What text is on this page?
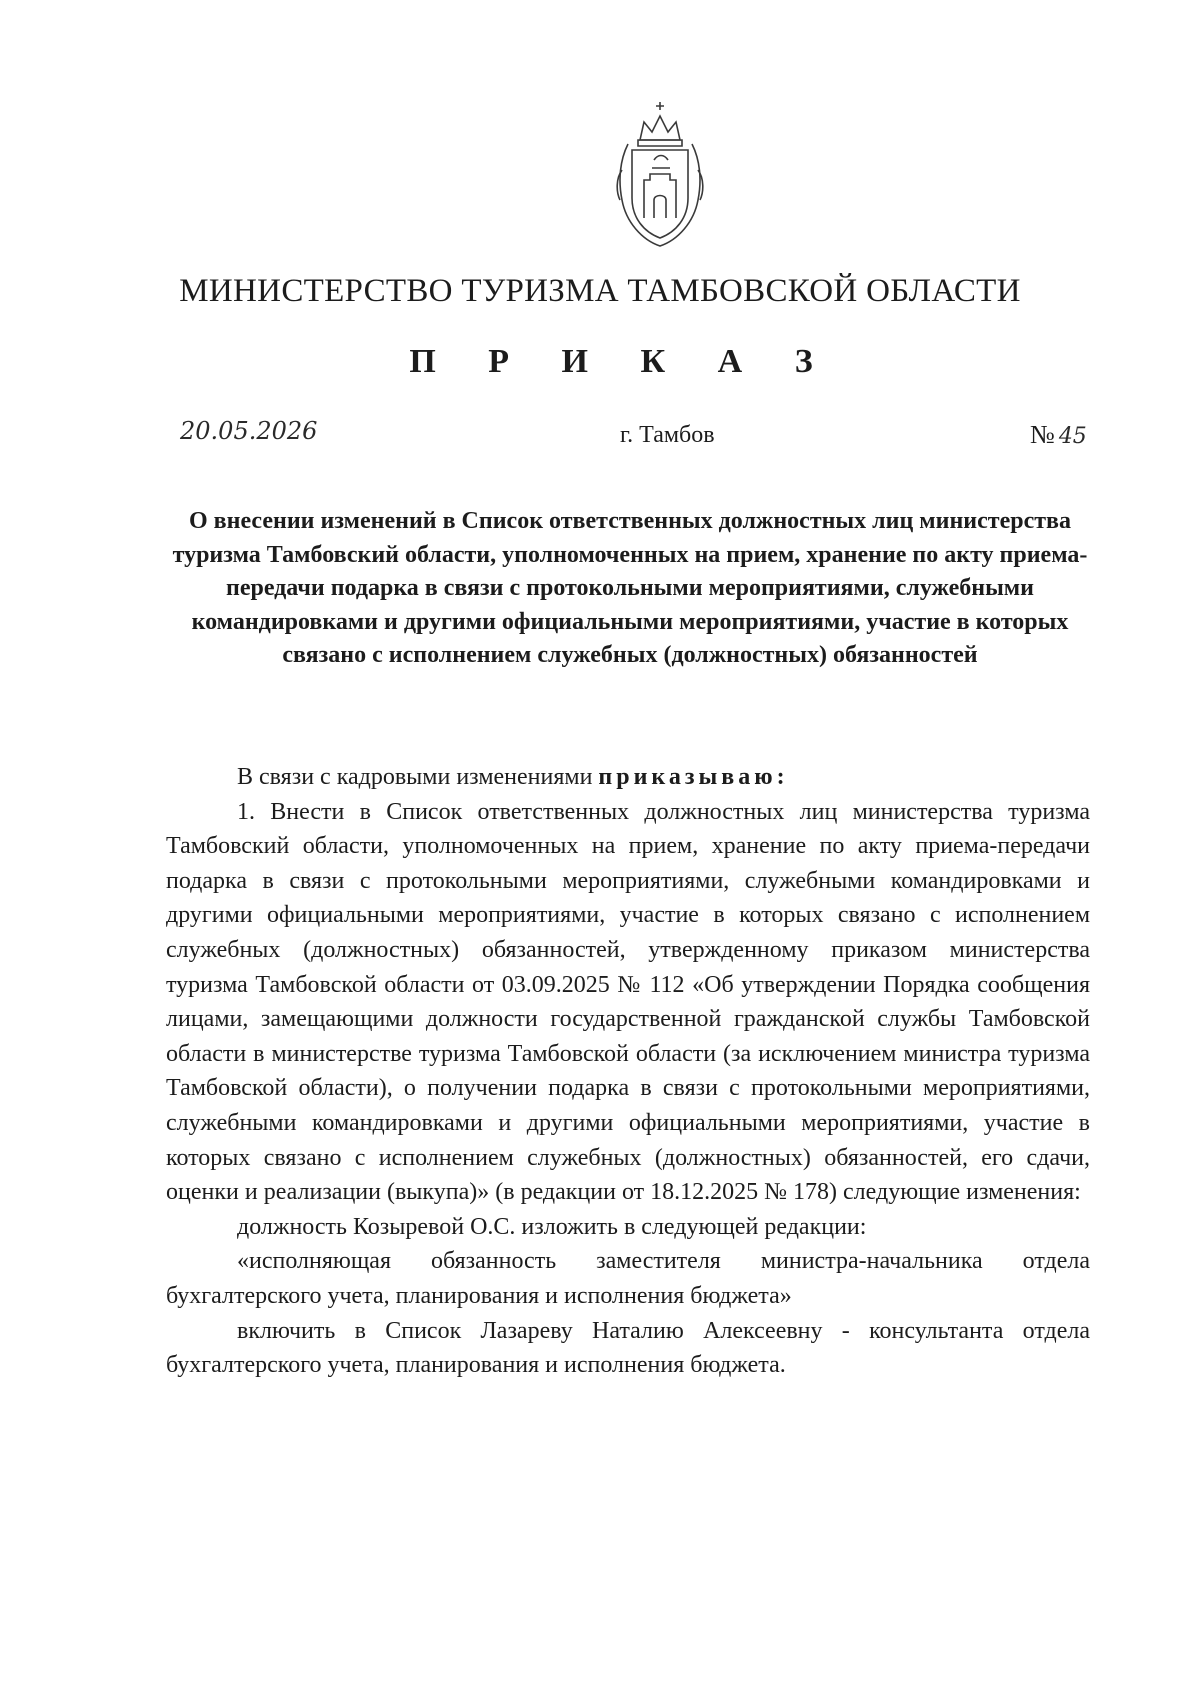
МИНИСТЕРСТВО ТУРИЗМА ТАМБОВСКОЙ ОБЛАСТИ
П Р И К А З
20.05.2026	г. Тамбов	№ 45
О внесении изменений в Список ответственных должностных лиц министерства туризма Тамбовский области, уполномоченных на прием, хранение по акту приема-передачи подарка в связи с протокольными мероприятиями, служебными командировками и другими официальными мероприятиями, участие в которых связано с исполнением служебных (должностных) обязанностей

В связи с кадровыми изменениями приказываю:

1. Внести в Список ответственных должностных лиц министерства туризма Тамбовский области, уполномоченных на прием, хранение по акту приема-передачи подарка в связи с протокольными мероприятиями, служебными командировками и другими официальными мероприятиями, участие в которых связано с исполнением служебных (должностных) обязанностей, утвержденному приказом министерства туризма Тамбовской области от 03.09.2025 № 112 «Об утверждении Порядка сообщения лицами, замещающими должности государственной гражданской службы Тамбовской области в министерстве туризма Тамбовской области (за исключением министра туризма Тамбовской области), о получении подарка в связи с протокольными мероприятиями, служебными командировками и другими официальными мероприятиями, участие в которых связано с исполнением служебных (должностных) обязанностей, его сдачи, оценки и реализации (выкупа)» (в редакции от 18.12.2025 № 178) следующие изменения:

должность Козыревой О.С. изложить в следующей редакции:

«исполняющая обязанность заместителя министра-начальника отдела бухгалтерского учета, планирования и исполнения бюджета»

включить в Список Лазареву Наталию Алексеевну - консультанта отдела бухгалтерского учета, планирования и исполнения бюджета.
